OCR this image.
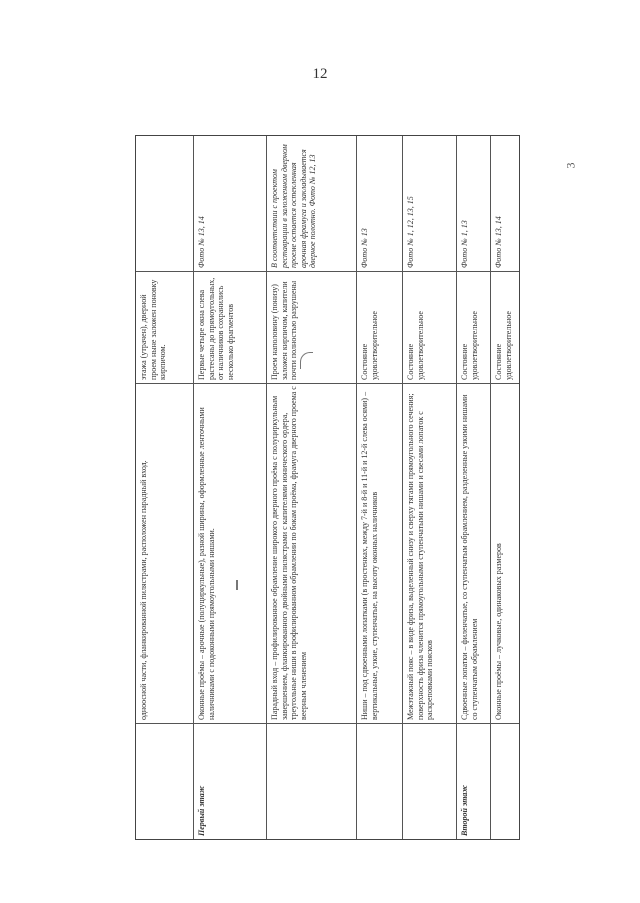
12
3
этажа (утрачен), дверной проем ныне заложен поновку кирпичом.
одноосной части, фланкированной пилястрами, расположен парадный вход.
Фото № 13, 14
Первые четыре окна слева растесаны до прямоугольных, от наличников сохранились несколько фрагментов
Оконные проёмы – арочные (полуциркульные), разной ширины, оформленные ленточными наличниками с подоконными прямоугольными нишами.
Первый этаж
В соответствии с проектом реставрации в заложенном дверном проеме остается остекленная арочная фрамуга и закладывается дверное полотно. Фото № 12, 13
Проем наполовину (понизу) заложен кирпичом, капители почти полностью разрушены
Парадный вход – профилированное обрамление широкого дверного проёма с полуциркульным завершением, фланкированного двойными пилястрами с капителями ионического ордера, треугольные ниши в профилированном обрамлении по бокам проёма, фрамуга дверного проема с веерным членением
Фото № 13
Состояние удовлетворительное
Ниши – под сдвоенными лопатками (в простенках, между 7-й и 8-й и 11-й и 12-й слева осями) – вертикальные, узкие, ступенчатые, на высоту оконных наличников
Фото № 1, 12, 13, 15
Состояние удовлетворительное
Межэтажный пояс – в виде фриза, выделенный снизу и сверху тягами прямоугольного сечения; поверхность фриза членится прямоугольными ступенчатыми нишами и свесами лопаток с раскреповками поясков
Фото № 1, 13
Состояние удовлетворительное
Сдвоенные лопатки – филенчатые, со ступенчатым обрамлением, разделенные узкими нишами со ступенчатым обрамлением
Второй этаж
Фото № 13, 14
Состояние удовлетворительное
Оконные проёмы – лучковые, одинаковых размеров
